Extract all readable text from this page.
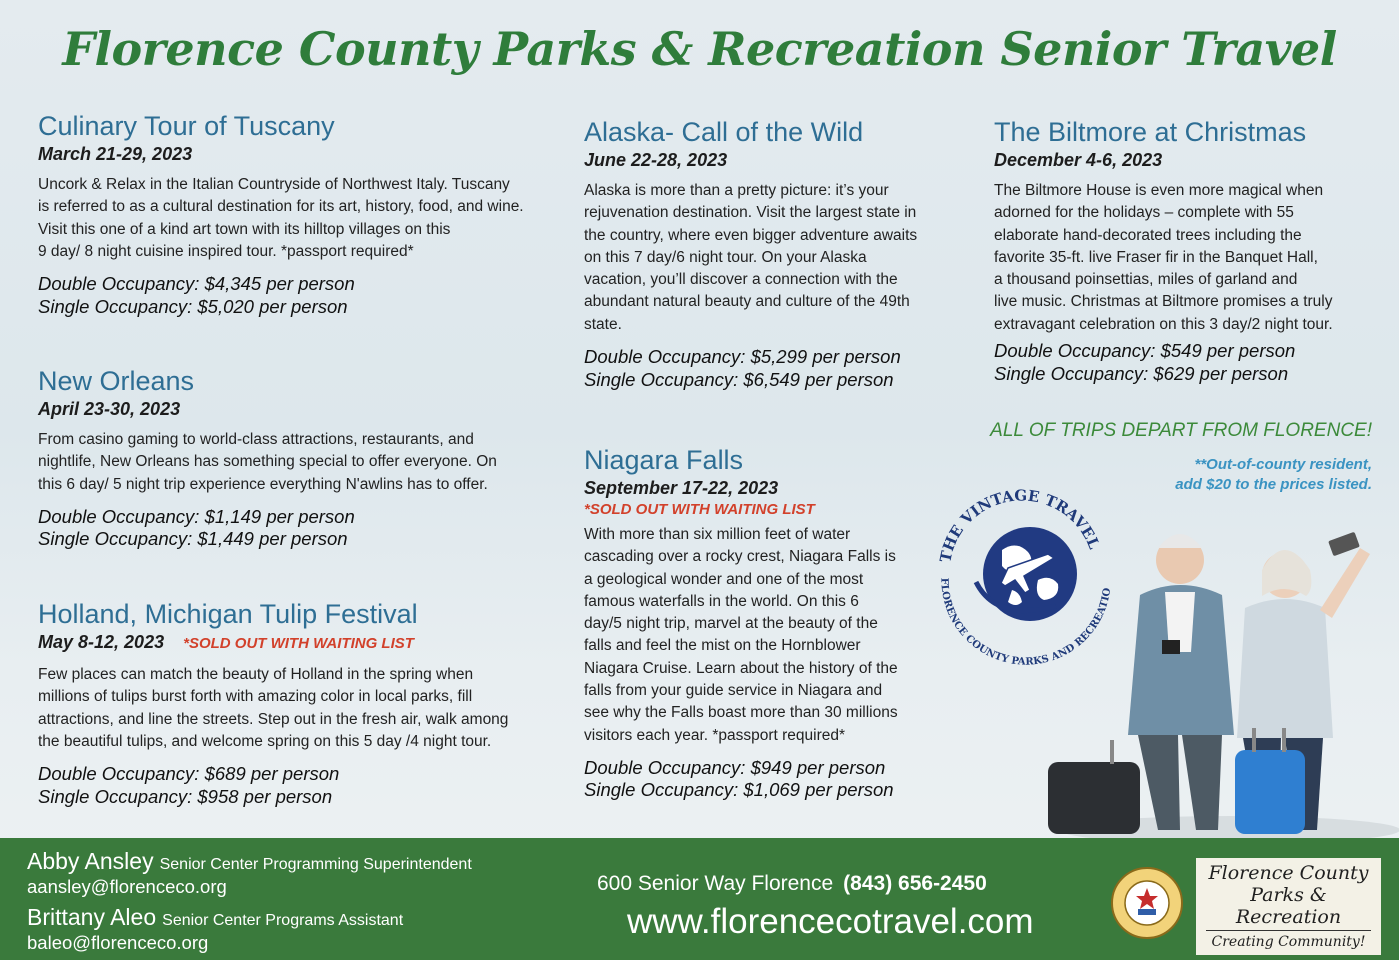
Florence County Parks & Recreation Senior Travel
Culinary Tour of Tuscany
March 21-29, 2023

Uncork & Relax in the Italian Countryside of Northwest Italy. Tuscany
is referred to as a cultural destination for its art, history, food, and wine.
Visit this one of a kind art town with its hilltop villages on this
9 day/ 8 night cuisine inspired tour. *passport required*

Double Occupancy: $4,345 per person
Single Occupancy: $5,020 per person
New Orleans
April 23-30, 2023

From casino gaming to world-class attractions, restaurants, and
nightlife, New Orleans has something special to offer everyone. On
this 6 day/ 5 night trip experience everything N'awlins has to offer.

Double Occupancy: $1,149 per person
Single Occupancy: $1,449 per person
Holland, Michigan Tulip Festival
May 8-12, 2023 *SOLD OUT WITH WAITING LIST

Few places can match the beauty of Holland in the spring when
millions of tulips burst forth with amazing color in local parks, fill
attractions, and line the streets. Step out in the fresh air, walk among
the beautiful tulips, and welcome spring on this 5 day /4 night tour.

Double Occupancy: $689 per person
Single Occupancy: $958 per person
Alaska- Call of the Wild
June 22-28, 2023

Alaska is more than a pretty picture: it’s your
rejuvenation destination. Visit the largest state in
the country, where even bigger adventure awaits
on this 7 day/6 night tour. On your Alaska
vacation, you’ll discover a connection with the
abundant natural beauty and culture of the 49th
state.

Double Occupancy: $5,299 per person
Single Occupancy: $6,549 per person
Niagara Falls
September 17-22, 2023
*SOLD OUT WITH WAITING LIST

With more than six million feet of water
cascading over a rocky crest, Niagara Falls is
a geological wonder and one of the most
famous waterfalls in the world. On this 6
day/5 night trip, marvel at the beauty of the
falls and feel the mist on the Hornblower
Niagara Cruise. Learn about the history of the
falls from your guide service in Niagara and
see why the Falls boast more than 30 millions
visitors each year. *passport required*

Double Occupancy: $949 per person
Single Occupancy: $1,069 per person
The Biltmore at Christmas
December 4-6, 2023

The Biltmore House is even more magical when
adorned for the holidays – complete with 55
elaborate hand-decorated trees including the
favorite 35-ft. live Fraser fir in the Banquet Hall,
a thousand poinsettias, miles of garland and
live music. Christmas at Biltmore promises a truly
extravagant celebration on this 3 day/2 night tour.

Double Occupancy: $549 per person
Single Occupancy: $629 per person
ALL OF TRIPS DEPART FROM FLORENCE!
**Out-of-county resident,
add $20 to the prices listed.
THE VINTAGE TRAVEL
FLORENCE COUNTY PARKS AND RECREATIO
Abby Ansley Senior Center Programming Superintendent
aansley@florenceco.org
Brittany Aleo Senior Center Programs Assistant
baleo@florenceco.org
600 Senior Way Florence (843) 656-2450
www.florencecotravel.com
Florence County
Parks & Recreation
Creating Community!
